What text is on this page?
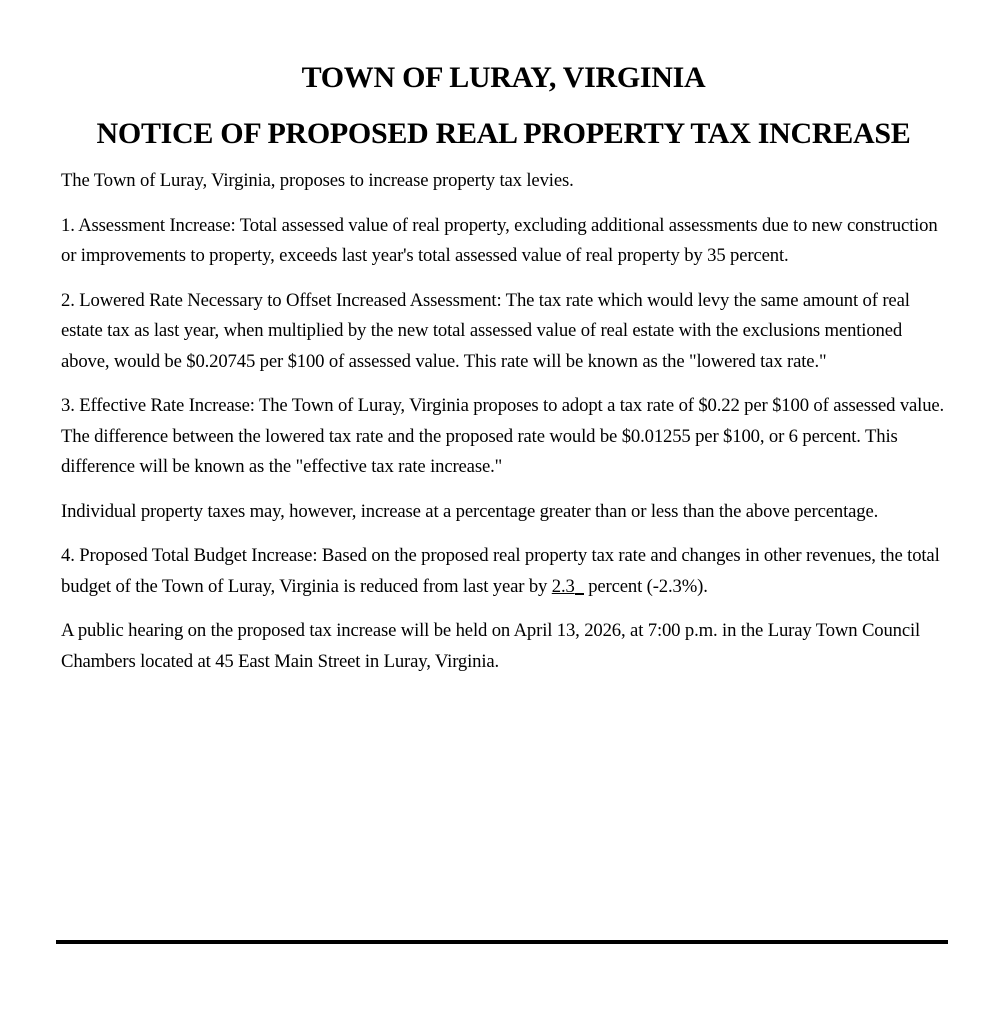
TOWN OF LURAY, VIRGINIA
NOTICE OF PROPOSED REAL PROPERTY TAX INCREASE

The Town of Luray, Virginia, proposes to increase property tax levies.

1. Assessment Increase: Total assessed value of real property, excluding additional assessments due to new construction or improvements to property, exceeds last year's total assessed value of real property by 35 percent.

2. Lowered Rate Necessary to Offset Increased Assessment: The tax rate which would levy the same amount of real estate tax as last year, when multiplied by the new total assessed value of real estate with the exclusions mentioned above, would be $0.20745 per $100 of assessed value. This rate will be known as the "lowered tax rate."

3. Effective Rate Increase: The Town of Luray, Virginia proposes to adopt a tax rate of $0.22 per $100 of assessed value. The difference between the lowered tax rate and the proposed rate would be $0.01255 per $100, or 6 percent. This difference will be known as the "effective tax rate increase."

Individual property taxes may, however, increase at a percentage greater than or less than the above percentage.

4. Proposed Total Budget Increase: Based on the proposed real property tax rate and changes in other revenues, the total budget of the Town of Luray, Virginia is reduced from last year by 2.3 percent (-2.3%).

A public hearing on the proposed tax increase will be held on April 13, 2026, at 7:00 p.m. in the Luray Town Council Chambers located at 45 East Main Street in Luray, Virginia.
